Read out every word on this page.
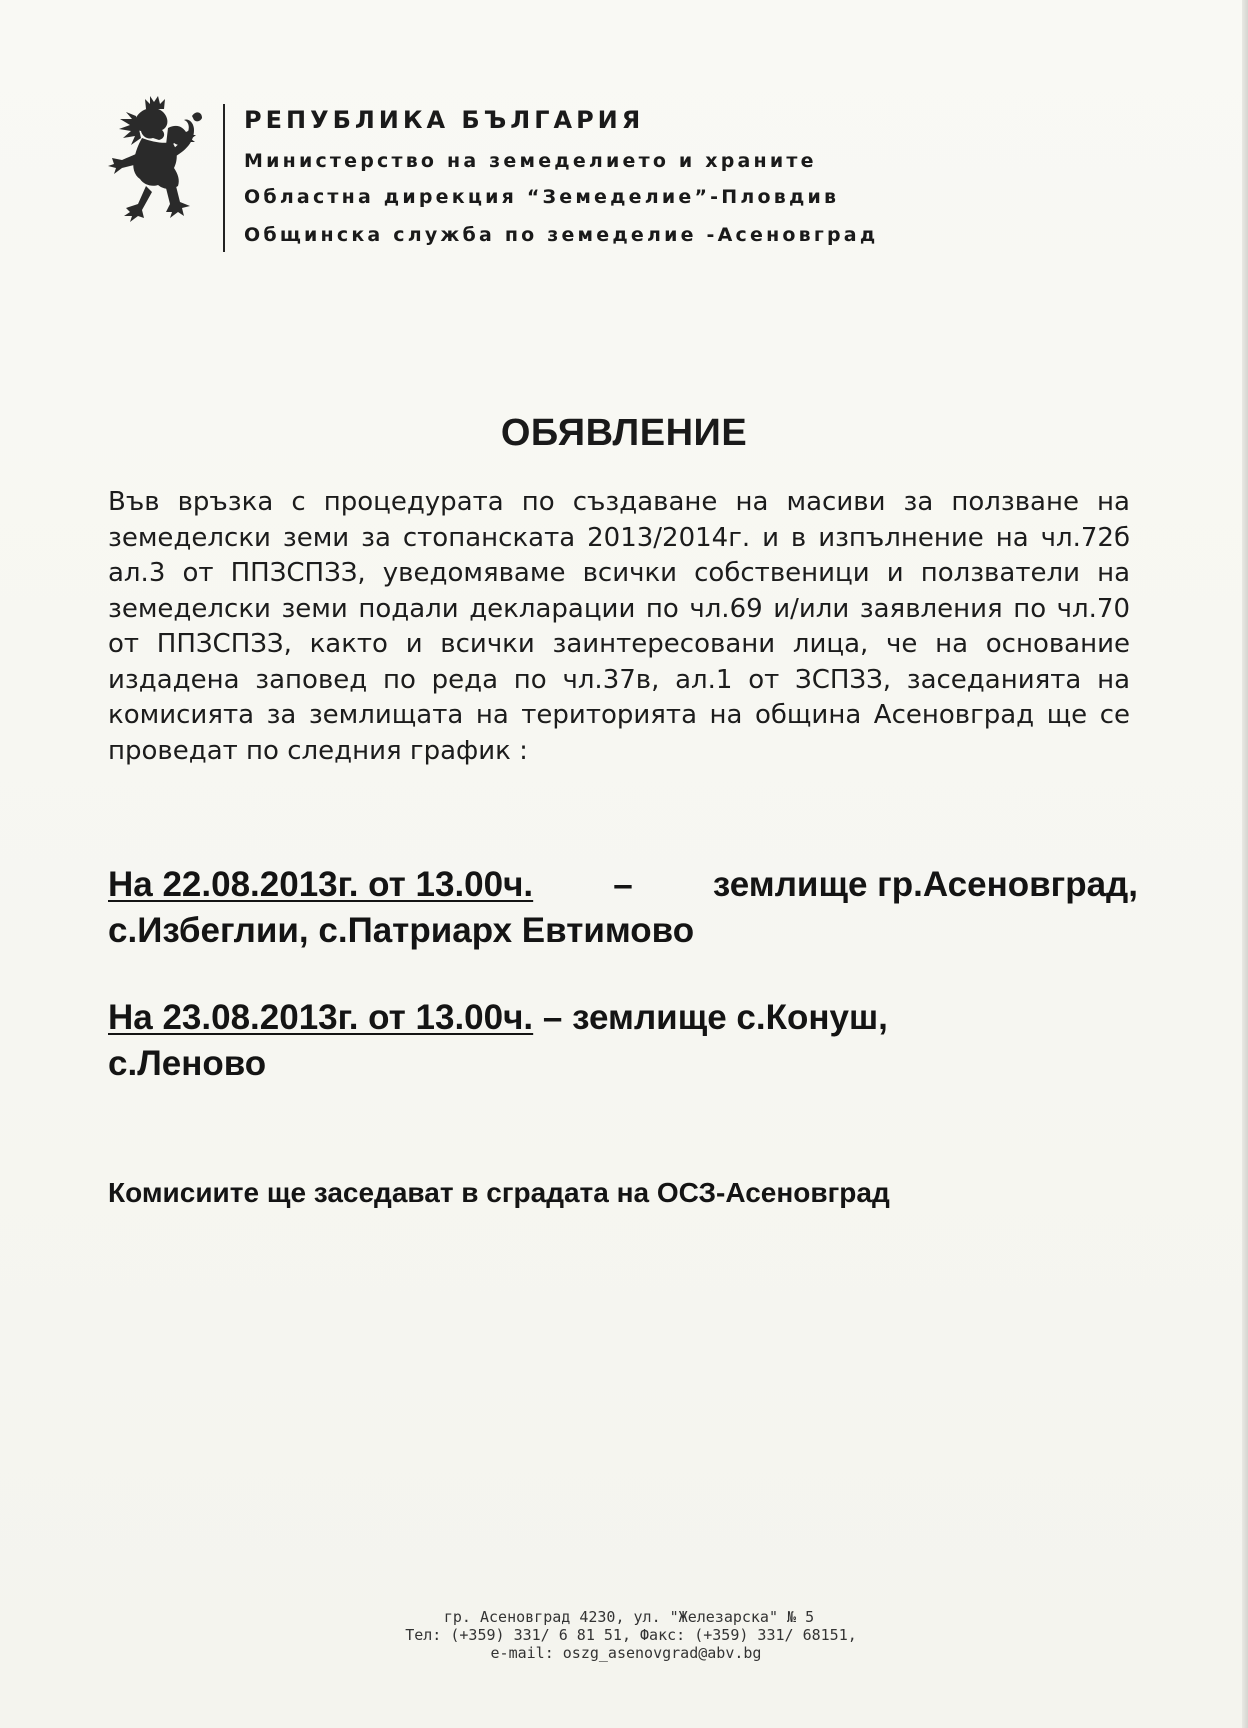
РЕПУБЛИКА БЪЛГАРИЯ
Министерство на земеделието и храните
Областна дирекция “Земеделие”-Пловдив
Общинска служба по земеделие -Асеновград
ОБЯВЛЕНИЕ
Във връзка с процедурата по създаване на масиви за ползване на земеделски земи за стопанската 2013/2014г. и в изпълнение на чл.72б ал.3 от ППЗСПЗЗ, уведомяваме всички собственици и ползватели на земеделски земи подали декларации по чл.69 и/или заявления по чл.70 от ППЗСПЗЗ, както и всички заинтересовани лица, че на основание издадена заповед по реда по чл.37в, ал.1 от ЗСПЗЗ, заседанията на комисията за землищата на територията на община Асеновград ще се проведат по следния график :
На 22.08.2013г. от 13.00ч. – землище гр.Асеновград,
с.Избеглии, с.Патриарх Евтимово
На 23.08.2013г. от 13.00ч. – землище с.Конуш,
с.Леново
Комисиите ще заседават в сградата на ОСЗ-Асеновград
гр. Асеновград 4230, ул. "Железарска" № 5
Тел: (+359) 331/ 6 81 51, Факс: (+359) 331/ 68151,
e-mail: oszg_asenovgrad@abv.bg
